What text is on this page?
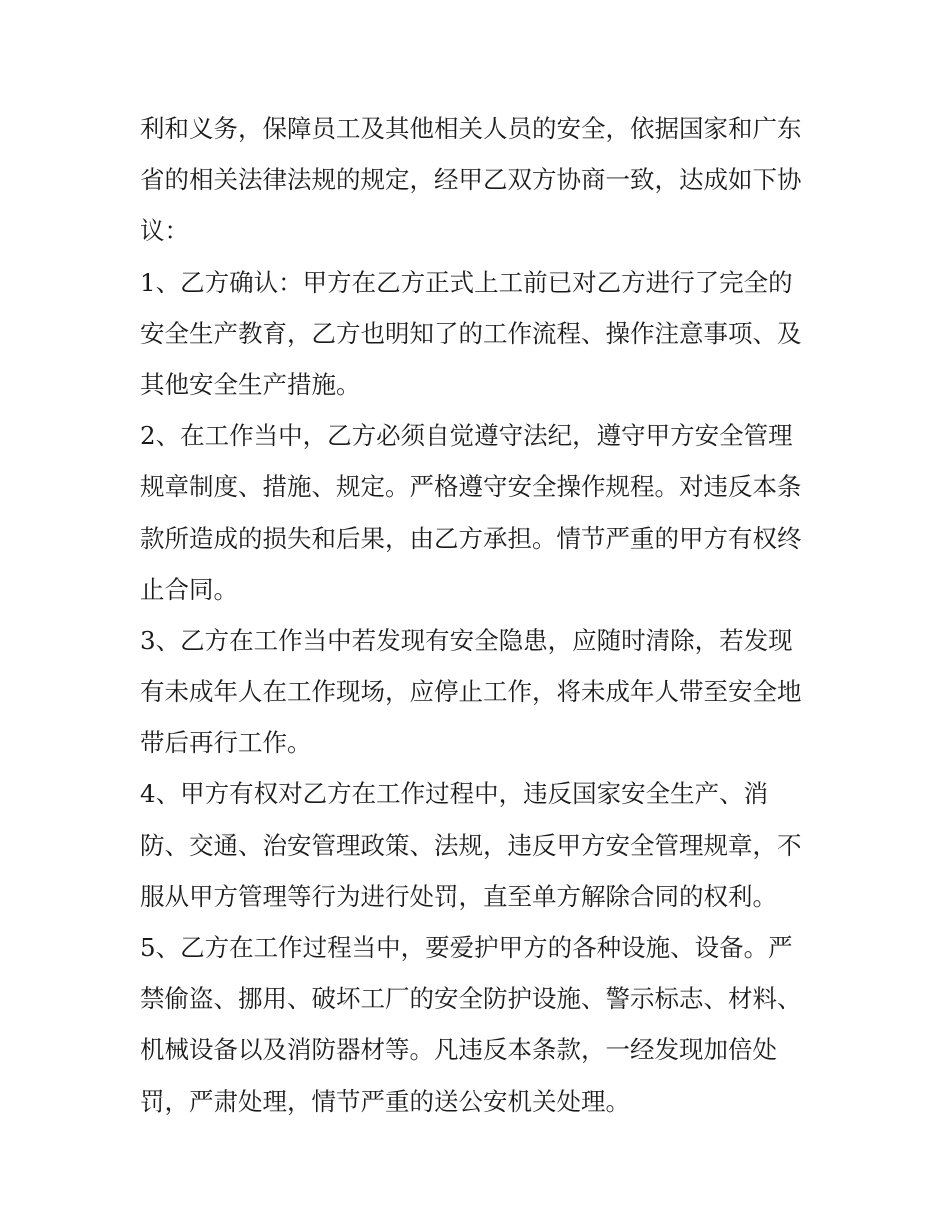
利和义务，保障员工及其他相关人员的安全，依据国家和广东
省的相关法律法规的规定，经甲乙双方协商一致，达成如下协
议：
1、乙方确认：甲方在乙方正式上工前已对乙方进行了完全的
安全生产教育，乙方也明知了的工作流程、操作注意事项、及
其他安全生产措施。
2、在工作当中，乙方必须自觉遵守法纪，遵守甲方安全管理
规章制度、措施、规定。严格遵守安全操作规程。对违反本条
款所造成的损失和后果，由乙方承担。情节严重的甲方有权终
止合同。
3、乙方在工作当中若发现有安全隐患，应随时清除，若发现
有未成年人在工作现场，应停止工作，将未成年人带至安全地
带后再行工作。
4、甲方有权对乙方在工作过程中，违反国家安全生产、消
防、交通、治安管理政策、法规，违反甲方安全管理规章，不
服从甲方管理等行为进行处罚，直至单方解除合同的权利。
5、乙方在工作过程当中，要爱护甲方的各种设施、设备。严
禁偷盗、挪用、破坏工厂的安全防护设施、警示标志、材料、
机械设备以及消防器材等。凡违反本条款，一经发现加倍处
罚，严肃处理，情节严重的送公安机关处理。
